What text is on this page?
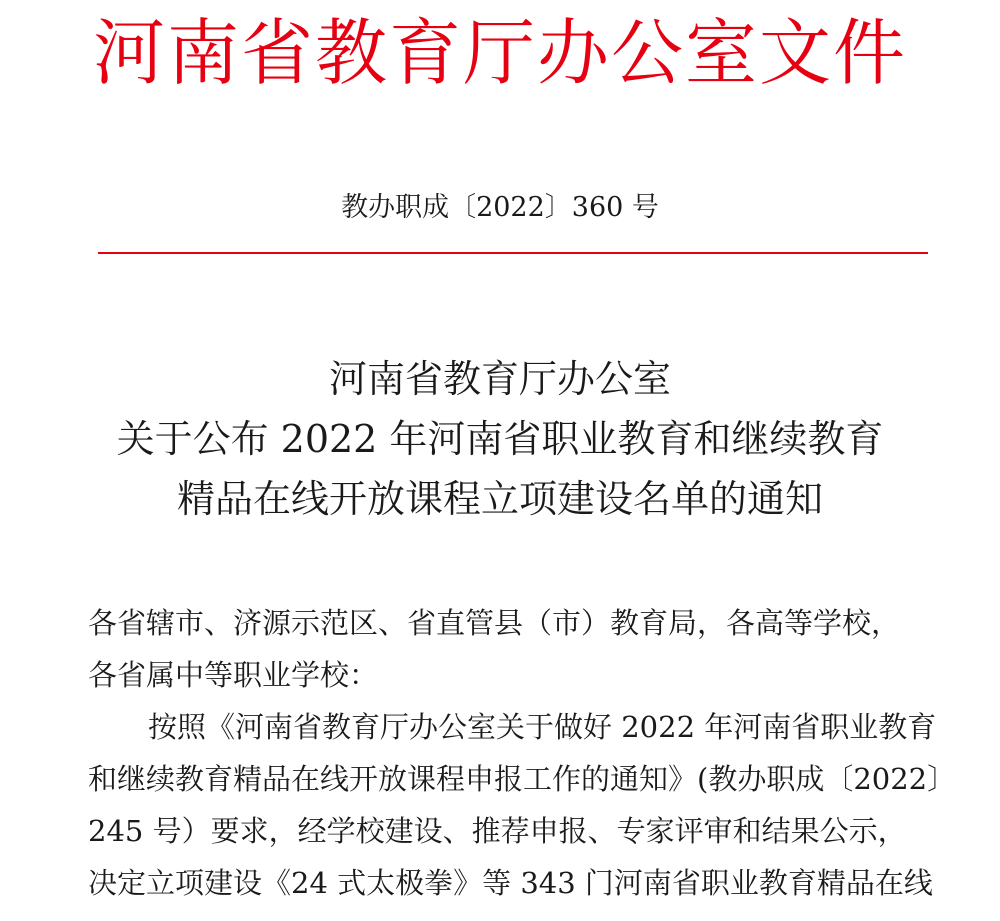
河南省教育厅办公室文件
教办职成〔2022〕360 号
河南省教育厅办公室
关于公布 2022 年河南省职业教育和继续教育
精品在线开放课程立项建设名单的通知
各省辖市、济源示范区、省直管县（市）教育局，各高等学校，
各省属中等职业学校：
按照《河南省教育厅办公室关于做好 2022 年河南省职业教育
和继续教育精品在线开放课程申报工作的通知》(教办职成〔2022〕
245 号）要求，经学校建设、推荐申报、专家评审和结果公示，
决定立项建设《24 式太极拳》等 343 门河南省职业教育精品在线
